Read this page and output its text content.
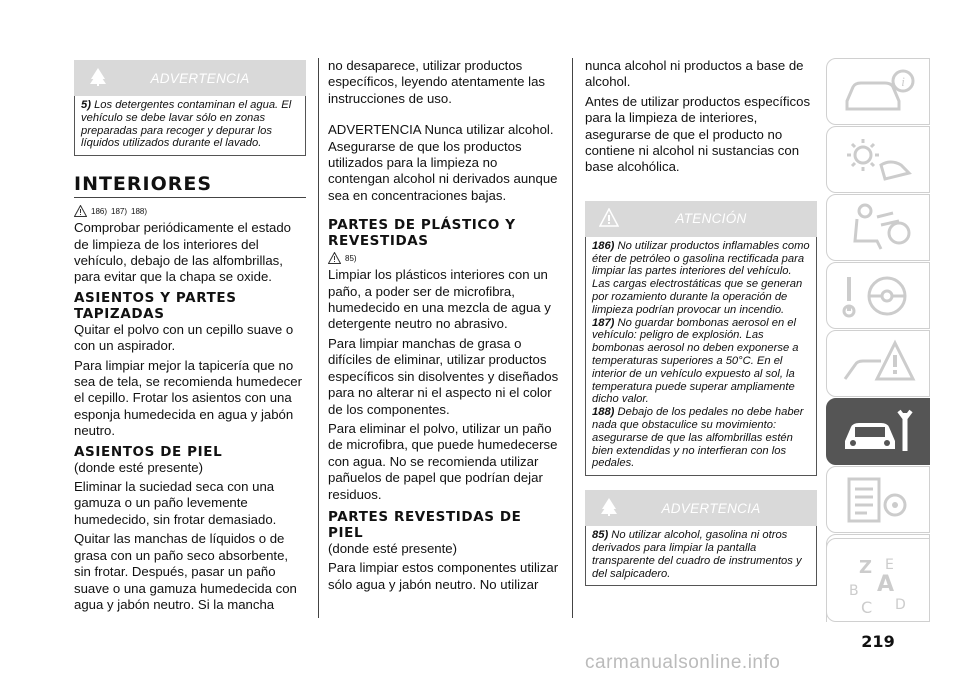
ADVERTENCIA

5) Los detergentes contaminan el agua. El vehículo se debe lavar sólo en zonas preparadas para recoger y depurar los líquidos utilizados durante el lavado.

INTERIORES
186) 187) 188)

Comprobar periódicamente el estado de limpieza de los interiores del vehículo, debajo de las alfombrillas, para evitar que la chapa se oxide.

ASIENTOS Y PARTES TAPIZADAS

Quitar el polvo con un cepillo suave o con un aspirador.

Para limpiar mejor la tapicería que no sea de tela, se recomienda humedecer el cepillo. Frotar los asientos con una esponja humedecida en agua y jabón neutro.

ASIENTOS DE PIEL

(donde esté presente)

Eliminar la suciedad seca con una gamuza o un paño levemente humedecido, sin frotar demasiado.

Quitar las manchas de líquidos o de grasa con un paño seco absorbente, sin frotar. Después, pasar un paño suave o una gamuza humedecida con agua y jabón neutro. Si la mancha

no desaparece, utilizar productos específicos, leyendo atentamente las instrucciones de uso.

ADVERTENCIA Nunca utilizar alcohol. Asegurarse de que los productos utilizados para la limpieza no contengan alcohol ni derivados aunque sea en concentraciones bajas.

PARTES DE PLÁSTICO Y REVESTIDAS
85)

Limpiar los plásticos interiores con un paño, a poder ser de microfibra, humedecido en una mezcla de agua y detergente neutro no abrasivo.

Para limpiar manchas de grasa o difíciles de eliminar, utilizar productos específicos sin disolventes y diseñados para no alterar ni el aspecto ni el color de los componentes.

Para eliminar el polvo, utilizar un paño de microfibra, que puede humedecerse con agua. No se recomienda utilizar pañuelos de papel que podrían dejar residuos.

PARTES REVESTIDAS DE PIEL

(donde esté presente)

Para limpiar estos componentes utilizar sólo agua y jabón neutro. No utilizar

nunca alcohol ni productos a base de alcohol.

Antes de utilizar productos específicos para la limpieza de interiores, asegurarse de que el producto no contiene ni alcohol ni sustancias con base alcohólica.

ATENCIÓN

186) No utilizar productos inflamables como éter de petróleo o gasolina rectificada para limpiar las partes interiores del vehículo. Las cargas electrostáticas que se generan por rozamiento durante la operación de limpieza podrían provocar un incendio.

187) No guardar bombonas aerosol en el vehículo: peligro de explosión. Las bombonas aerosol no deben exponerse a temperaturas superiores a 50°C. En el interior de un vehículo expuesto al sol, la temperatura puede superar ampliamente dicho valor.

188) Debajo de los pedales no debe haber nada que obstaculice su movimiento: asegurarse de que las alfombrillas estén bien extendidas y no interfieran con los pedales.

ADVERTENCIA

85) No utilizar alcohol, gasolina ni otros derivados para limpiar la pantalla transparente del cuadro de instrumentos y del salpicadero.

i
Z E
A
B
C D
219
carmanualsonline.info
